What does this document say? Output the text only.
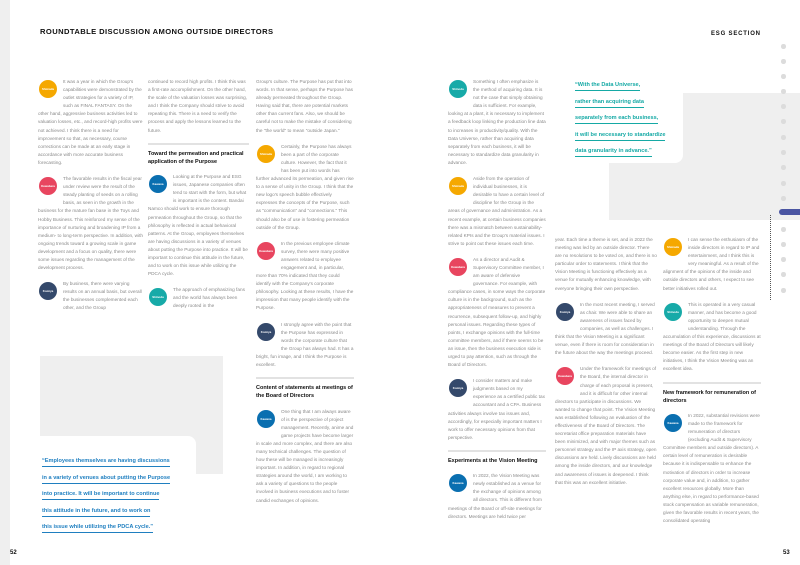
ROUNDTABLE DISCUSSION AMONG OUTSIDE DIRECTORS	ESG SECTION
Shimada
It was a year in which the Group's capabilities were demonstrated by the outlet strategies for a variety of IP, such as FINAL FANTASY. On the other hand, aggressive business activities led to valuation losses, etc., and record-high profits were not achieved. I think there is a need for improvement so that, as necessary, course corrections can be made at an early stage in accordance with more accurate business forecasting.
Kuwabara
The favorable results in the fiscal year under review were the result of the steady planting of seeds on a rolling basis, as seen in the growth in the business for the mature fan base in the Toys and Hobby Business. This reinforced my sense of the importance of nurturing and broadening IP from a medium- to long-term perspective. In addition, with ongoing trends toward a growing scale in game development and a focus on quality, there were some issues regarding the management of the development process.
Komiya
By business, there were varying results on an annual basis, but overall the businesses complemented each other, and the Group
continued to record high profits. I think this was a first-rate accomplishment. On the other hand, the scale of the valuation losses was surprising, and I think the Company should strive to avoid repeating this. There is a need to verify the process and apply the lessons learned to the future.
Toward the permeation and practical application of the Purpose
Kawana
Looking at the Purpose and ESG issues, Japanese companies often tend to start with the form, but what is important is the content. Bandai Namco should work to ensure thorough permeation throughout the Group, so that the philosophy is reflected in actual behavioral patterns. At the Group, employees themselves are having discussions in a variety of venues about putting the Purpose into practice. It will be important to continue this attitude in the future, and to work on this issue while utilizing the PDCA cycle.
Shinoda
The approach of emphasizing fans and the world has always been deeply rooted in the
Group's culture. The Purpose has put that into words. In that sense, perhaps the Purpose has already permeated throughout the Group. Having said that, there are potential markets other than current fans. Also, we should be careful not to make the mistake of considering the "the world" to mean "outside Japan."
Shimada
Certainly, the Purpose has always been a part of the corporate culture. However, the fact that it has been put into words has further advanced its permeation, and given rise to a sense of unity in the Group. I think that the new logo's speech bubble effectively expresses the concepts of the Purpose, such as "communication" and "connections." This should also be of use in fostering permeation outside of the Group.
Kuwabara
In the previous employee climate survey, there were many positive answers related to employee engagement and, in particular, more than 70% indicated that they could identify with the Company's corporate philosophy. Looking at these results, I have the impression that many people identify with the Purpose.
Komiya
I strongly agree with the point that the Purpose has expressed in words the corporate culture that the Group has always had. It has a bright, fun image, and I think the Purpose is excellent.
Content of statements at meetings of the Board of Directors
Kawana
One thing that I am always aware of is the perspective of project management. Recently, anime and game projects have become larger in scale and more complex, and there are also many technical challenges. The question of how these will be managed is increasingly important. In addition, in regard to regional strategies around the world, I am working to ask a variety of questions to the people involved in business executions and to foster candid exchanges of opinions.
Shinoda
Something I often emphasize is the method of acquiring data. It is not the case that simply obtaining data is sufficient. For example, looking at a plant, it is necessary to implement a feedback loop linking the production line data to increases in productivity/quality. With the Data Universe, rather than acquiring data separately from each business, it will be necessary to standardize data granularity in advance.
Shimada
Aside from the operation of individual businesses, it is desirable to have a certain level of discipline for the Group in the areas of governance and administration. As a recent example, at certain business companies there was a mismatch between sustainability-related KPIs and the Group's material issues. I strive to point out these issues each time.
Kuwabara
As a director and Audit & Supervisory Committee member, I am aware of defensive governance. For example, with compliance cases, in some ways the corporate culture is in the background, such as the appropriateness of measures to prevent a recurrence, subsequent follow-up, and highly personal issues. Regarding these types of points, I exchange opinions with the full-time committee members, and if there seems to be an issue, then the business execution side is urged to pay attention, such as through the Board of Directors.
Komiya
I consider matters and make judgments based on my experience as a certified public tax accountant and a CPA. Business activities always involve tax issues and, accordingly, for especially important matters I work to offer necessary opinions from that perspective.
Experiments at the Vision Meeting
Kawana
In 2022, the Vision Meeting was newly established as a venue for the exchange of opinions among all directors. This is different from meetings of the Board or off-site meetings for directors. Meetings are held twice per
year. Each time a theme is set, and in 2022 the meeting was led by an outside director. There are no resolutions to be voted on, and there is no particular order to statements. I think that the Vision Meeting is functioning effectively as a venue for mutually enhancing knowledge, with everyone bringing their own perspective.
Komiya
In the most recent meeting, I served as chair. We were able to share an awareness of issues faced by companies, as well as challenges. I think that the Vision Meeting is a significant venue, even if there is room for consideration in the future about the way the meetings proceed.
Kuwabara
Under the framework for meetings of the Board, the internal director in charge of each proposal is present, and it is difficult for other internal directors to participate in discussions. We wanted to change that point. The Vision Meeting was established following an evaluation of the effectiveness of the Board of Directors. The secretariat office preparation materials have been minimized, and with major themes such as personnel strategy and the IP axis strategy, open discussions are held. Lively discussions are held among the inside directors, and our knowledge and awareness of issues is deepened. I think that this was an excellent initiative.
Shimada
I can sense the enthusiasm of the inside directors in regard to IP and entertainment, and I think this is very meaningful. As a result of the alignment of the opinions of the inside and outside directors and others, I expect to see better initiatives rolled out.
Shinoda
This is operated in a very casual manner, and has become a good opportunity to deepen mutual understanding. Through the accumulation of this experience, discussions at meetings of the Board of Directors will likely become easier. As the first step in new initiatives, I think the Vision Meeting was an excellent idea.
New framework for remuneration of directors
Kawana
In 2022, substantial revisions were made to the framework for remuneration of directors (excluding Audit & Supervisory Committee members and outside directors). A certain level of remuneration is desirable because it is indispensable to enhance the motivation of directors in order to increase corporate value and, in addition, to gather excellent resources globally. More than anything else, in regard to performance-based stock compensation as variable remuneration, given the favorable results in recent years, the consolidated operating
“Employees themselves are having discussions
in a variety of venues about putting the Purpose
into practice. It will be important to continue
this attitude in the future, and to work on
this issue while utilizing the PDCA cycle.”

“With the Data Universe,
rather than acquiring data
separately from each business,
it will be necessary to standardize
data granularity in advance.”

52	53
